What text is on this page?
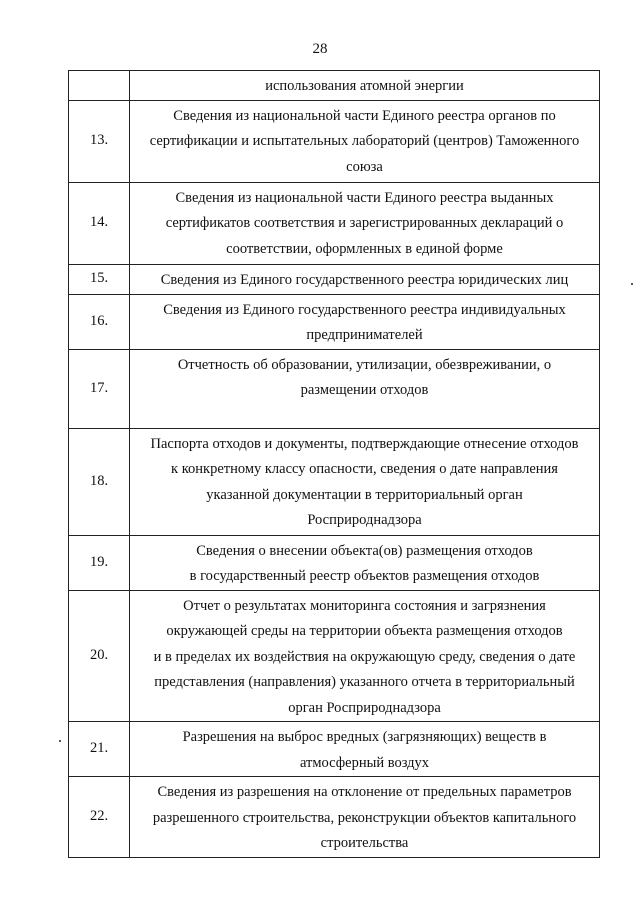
28

	использования атомной энергии

13.	Сведения из национальной части Единого реестра органов по
сертификации и испытательных лабораторий (центров) Таможенного
союза

14.	Сведения из национальной части Единого реестра выданных
сертификатов соответствия и зарегистрированных деклараций о
соответствии, оформленных в единой форме

15.	Сведения из Единого государственного реестра юридических лиц

16.	Сведения из Единого государственного реестра индивидуальных
предпринимателей

17.	Отчетность об образовании, утилизации, обезвреживании, о
размещении отходов

18.	Паспорта отходов и документы, подтверждающие отнесение отходов
к конкретному классу опасности, сведения о дате направления
указанной документации в территориальный орган
Росприроднадзора

19.	Сведения о внесении объекта(ов) размещения отходов
в государственный реестр объектов размещения отходов

20.	Отчет о результатах мониторинга состояния и загрязнения
окружающей среды на территории объекта размещения отходов
и в пределах их воздействия на окружающую среду, сведения о дате
представления (направления) указанного отчета в территориальный
орган Росприроднадзора

21.	Разрешения на выброс вредных (загрязняющих) веществ в
атмосферный воздух

22.	Сведения из разрешения на отклонение от предельных параметров
разрешенного строительства, реконструкции объектов капитального
строительства
